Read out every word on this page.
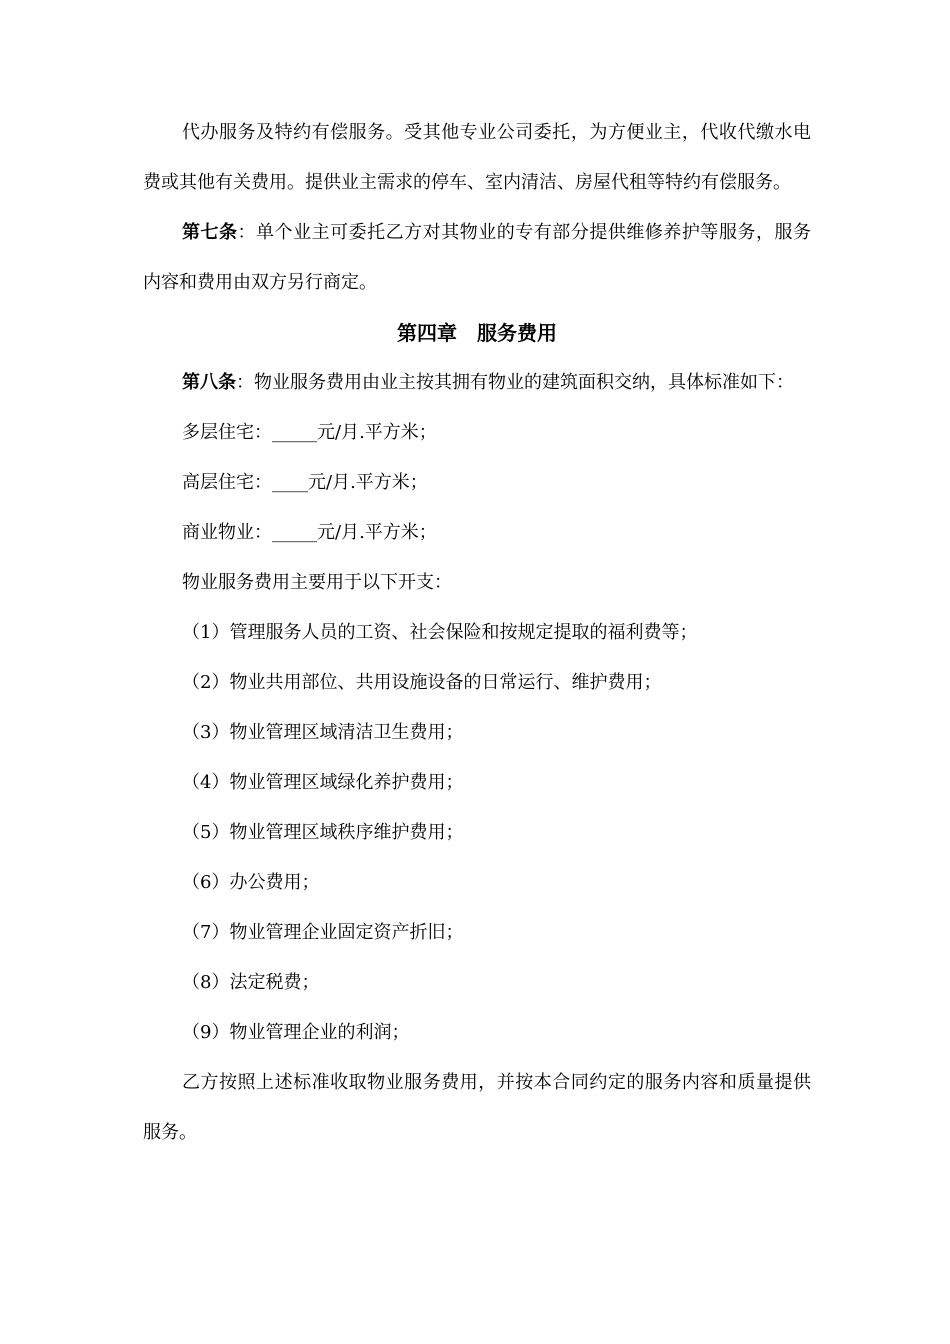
代办服务及特约有偿服务。受其他专业公司委托，为方便业主，代收代缴水电费或其他有关费用。提供业主需求的停车、室内清洁、房屋代租等特约有偿服务。

第七条：单个业主可委托乙方对其物业的专有部分提供维修养护等服务，服务内容和费用由双方另行商定。

第四章　服务费用

第八条：物业服务费用由业主按其拥有物业的建筑面积交纳，具体标准如下：

多层住宅：_____元/月.平方米；

高层住宅：____元/月.平方米；

商业物业：_____元/月.平方米；

物业服务费用主要用于以下开支：

（1）管理服务人员的工资、社会保险和按规定提取的福利费等；

（2）物业共用部位、共用设施设备的日常运行、维护费用；

（3）物业管理区域清洁卫生费用；

（4）物业管理区域绿化养护费用；

（5）物业管理区域秩序维护费用；

（6）办公费用；

（7）物业管理企业固定资产折旧；

（8）法定税费；

（9）物业管理企业的利润；

乙方按照上述标准收取物业服务费用，并按本合同约定的服务内容和质量提供服务。
